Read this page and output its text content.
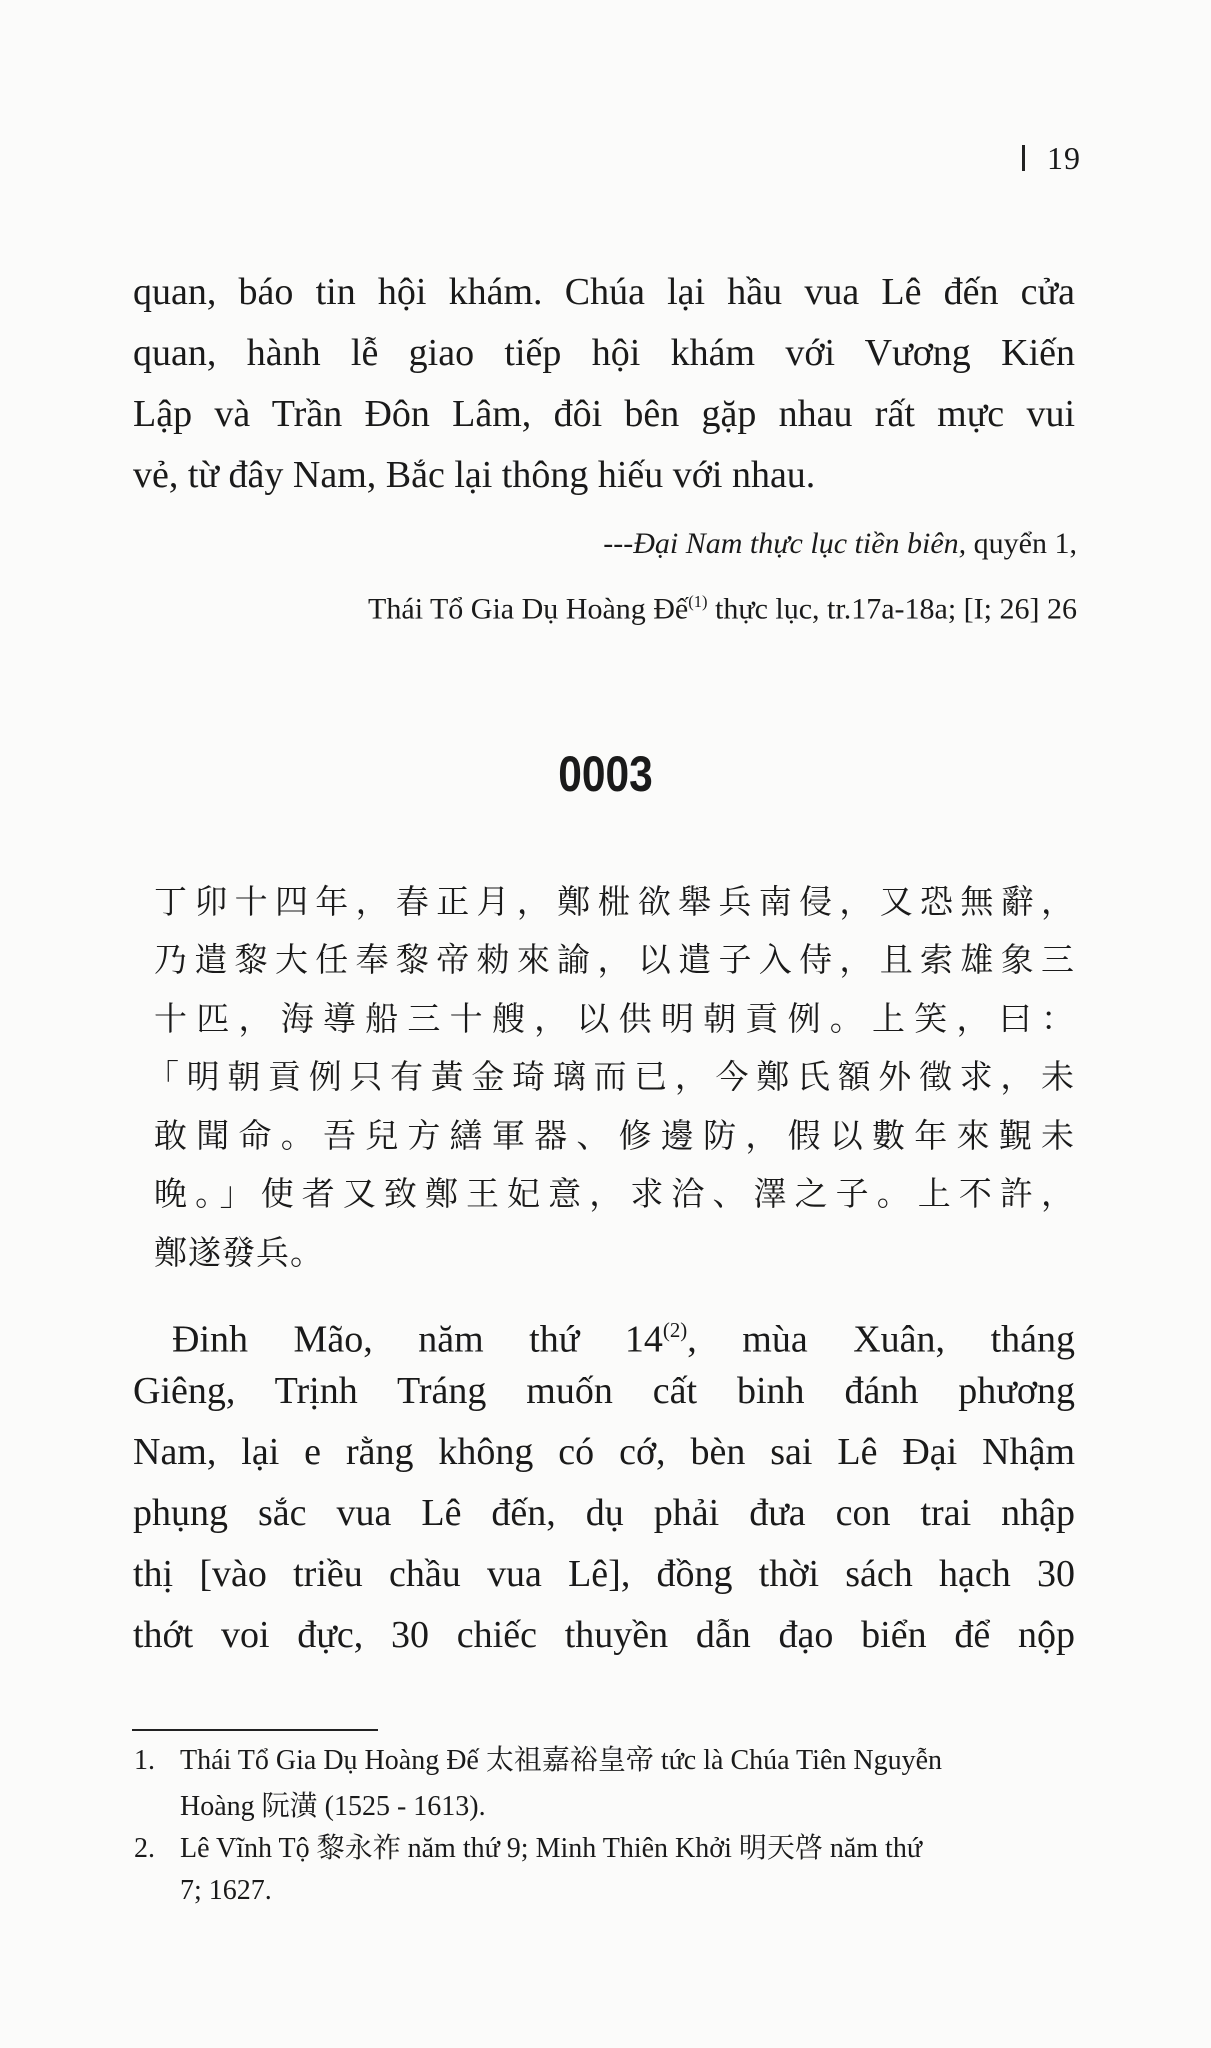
19
quan, báo tin hội khám. Chúa lại hầu vua Lê đến cửa
quan, hành lễ giao tiếp hội khám với Vương Kiến
Lập và Trần Đôn Lâm, đôi bên gặp nhau rất mực vui
vẻ, từ đây Nam, Bắc lại thông hiếu với nhau.
---Đại Nam thực lục tiền biên, quyển 1,
Thái Tổ Gia Dụ Hoàng Đế$^{(1)}$ thực lục, tr.17a-18a; [I; 26] 26
0003
丁卯十四年，春正月，鄭梉欲舉兵南侵，又恐無辭，
乃遣黎大任奉黎帝勑來諭，以遣子入侍，且索雄象三
十匹，海導船三十艘，以供明朝貢例。上笑，曰：
「明朝貢例只有黃金琦璃而已，今鄭氏額外徵求，未
敢聞命。吾兒方繕軍器、修邊防，假以數年來覲未
晚。」使者又致鄭王妃意，求洽、澤之子。上不許，
鄭遂發兵。
Đinh Mão, năm thứ 14$^{(2)}$, mùa Xuân, tháng
Giêng, Trịnh Tráng muốn cất binh đánh phương
Nam, lại e rằng không có cớ, bèn sai Lê Đại Nhậm
phụng sắc vua Lê đến, dụ phải đưa con trai nhập
thị [vào triều chầu vua Lê], đồng thời sách hạch 30
thớt voi đực, 30 chiếc thuyền dẫn đạo biển để nộp
1. Thái Tổ Gia Dụ Hoàng Đế 太祖嘉裕皇帝 tức là Chúa Tiên Nguyễn
Hoàng 阮潢 (1525 - 1613).
2. Lê Vĩnh Tộ 黎永祚 năm thứ 9; Minh Thiên Khởi 明天啓 năm thứ
7; 1627.
